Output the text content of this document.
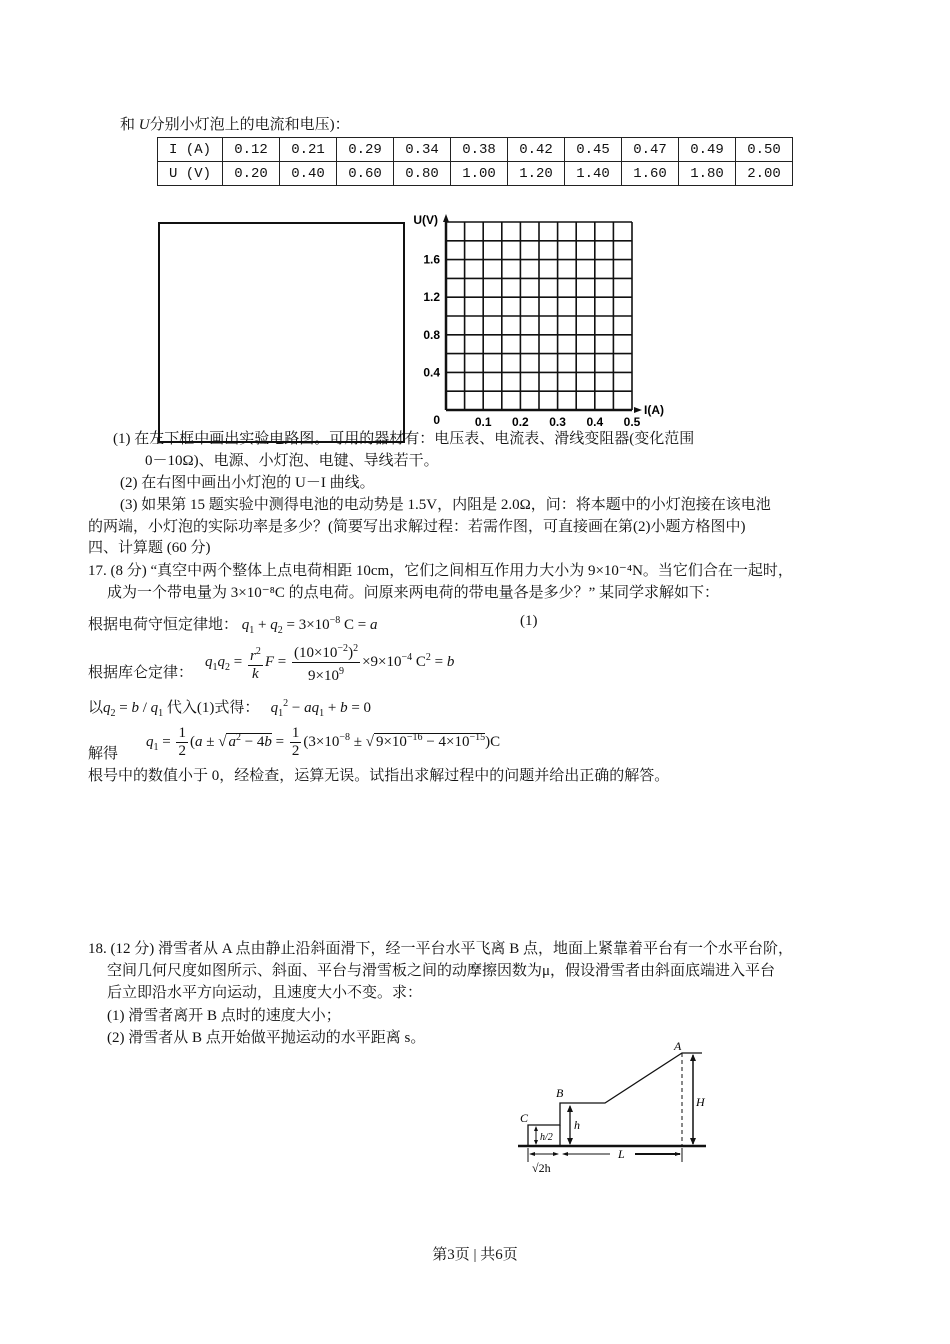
和 U分别小灯泡上的电流和电压)：
I (A)	0.12	0.21	0.29	0.34	0.38	0.42	0.45	0.47	0.49	0.50
U (V)	0.20	0.40	0.60	0.80	1.00	1.20	1.40	1.60	1.80	2.00
U(V)
I(A)
0
0.4
0.8
1.2
1.6
0.1 0.2 0.3 0.4 0.5
(1) 在左下框中画出实验电路图。可用的器材有：电压表、电流表、滑线变阻器(变化范围
0－10Ω)、电源、小灯泡、电键、导线若干。
(2) 在右图中画出小灯泡的 U－I 曲线。
(3) 如果第 15 题实验中测得电池的电动势是 1.5V，内阻是 2.0Ω，问：将本题中的小灯泡接在该电池
的两端，小灯泡的实际功率是多少？(简要写出求解过程：若需作图，可直接画在第(2)小题方格图中)
四、计算题 (60 分)
17. (8 分) “真空中两个整体上点电荷相距 10cm，它们之间相互作用力大小为 9×10⁻⁴N。当它们合在一起时，
成为一个带电量为 3×10⁻⁸C 的点电荷。问原来两电荷的带电量各是多少？” 某同学求解如下：
根据电荷守恒定律地： $q_1 + q_2 = 3\times 10^{-8}$ C = a	(1)
根据库仑定律：
$q_1q_2 = \frac{r^2}{k}$ $F = \frac{(10\times 10^{-2})^2}{9\times 10^9} \times 9\times 10^{-4}$ $C^2 = b$
以$q_2 = b / q_1$ 代入(1)式得： $q_1^2 - aq_1 + b = 0$
解得
$q_1 = \frac{1}{2} (a$ ± √ $a^2 - 4b = \frac{1}{2} (3\times 10^{-8}$ ± √ $9\times 10^{-16} - 4\times 10^{-15})C$
根号中的数值小于 0，经检查，运算无误。试指出求解过程中的问题并给出正确的解答。
18. (12 分) 滑雪者从 A 点由静止沿斜面滑下，经一平台水平飞离 B 点，地面上紧靠着平台有一个水平台阶，
空间几何尺度如图所示、斜面、平台与滑雪板之间的动摩擦因数为μ，假设滑雪者由斜面底端进入平台
后立即沿水平方向运动，且速度大小不变。求：
(1) 滑雪者离开 B 点时的速度大小；
(2) 滑雪者从 B 点开始做平抛运动的水平距离 s。	A
B
C	h
h/2
H
L
√2h
第3页 | 共6页
